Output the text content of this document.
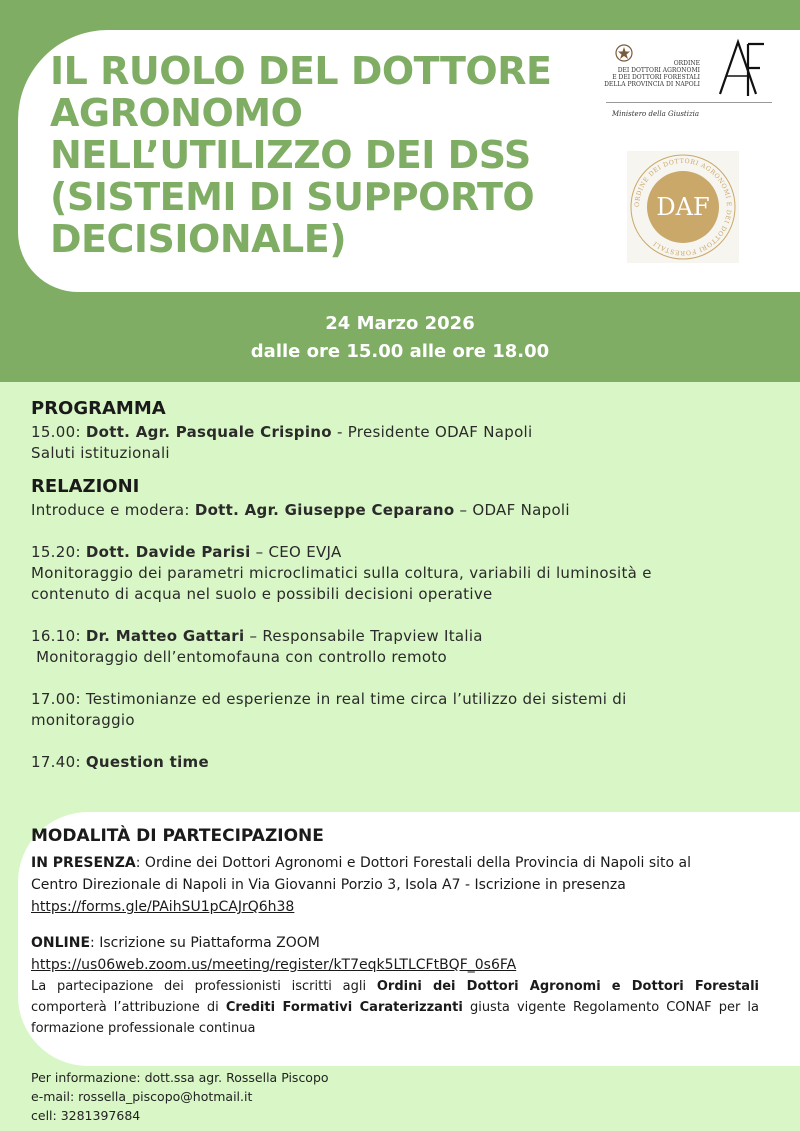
IL RUOLO DEL DOTTORE
AGRONOMO
NELL’UTILIZZO DEI DSS
(SISTEMI DI SUPPORTO
DECISIONALE)
ORDINE
DEI DOTTORI AGRONOMI
E DEI DOTTORI FORESTALI
DELLA PROVINCIA DI NAPOLI
Ministero della Giustizia
ORDINE DEI DOTTORI AGRONOMI E DEI DOTTORI FORESTALI
DAF
24 Marzo 2026
dalle ore 15.00 alle ore 18.00
PROGRAMMA

15.00: Dott. Agr. Pasquale Crispino - Presidente ODAF Napoli

Saluti istituzionali

RELAZIONI

Introduce e modera: Dott. Agr. Giuseppe Ceparano – ODAF Napoli

15.20: Dott. Davide Parisi – CEO EVJA

Monitoraggio dei parametri microclimatici sulla coltura, variabili di luminosità e

contenuto di acqua nel suolo e possibili decisioni operative

16.10: Dr. Matteo Gattari – Responsabile Trapview Italia

Monitoraggio dell’entomofauna con controllo remoto

17.00: Testimonianze ed esperienze in real time circa l’utilizzo dei sistemi di

monitoraggio

17.40: Question time

MODALITÀ DI PARTECIPAZIONE

IN PRESENZA: Ordine dei Dottori Agronomi e Dottori Forestali della Provincia di Napoli sito al

Centro Direzionale di Napoli in Via Giovanni Porzio 3, Isola A7 - Iscrizione in presenza

https://forms.gle/PAihSU1pCAJrQ6h38

ONLINE: Iscrizione su Piattaforma ZOOM

https://us06web.zoom.us/meeting/register/kT7eqk5LTLCFtBQF_0s6FA

La partecipazione dei professionisti iscritti agli Ordini dei Dottori Agronomi e Dottori Forestali comporterà l’attribuzione di Crediti Formativi Caraterizzanti giusta vigente Regolamento CONAF per la formazione professionale continua

Per informazione: dott.ssa agr. Rossella Piscopo
e-mail: rossella_piscopo@hotmail.it
cell: 3281397684
